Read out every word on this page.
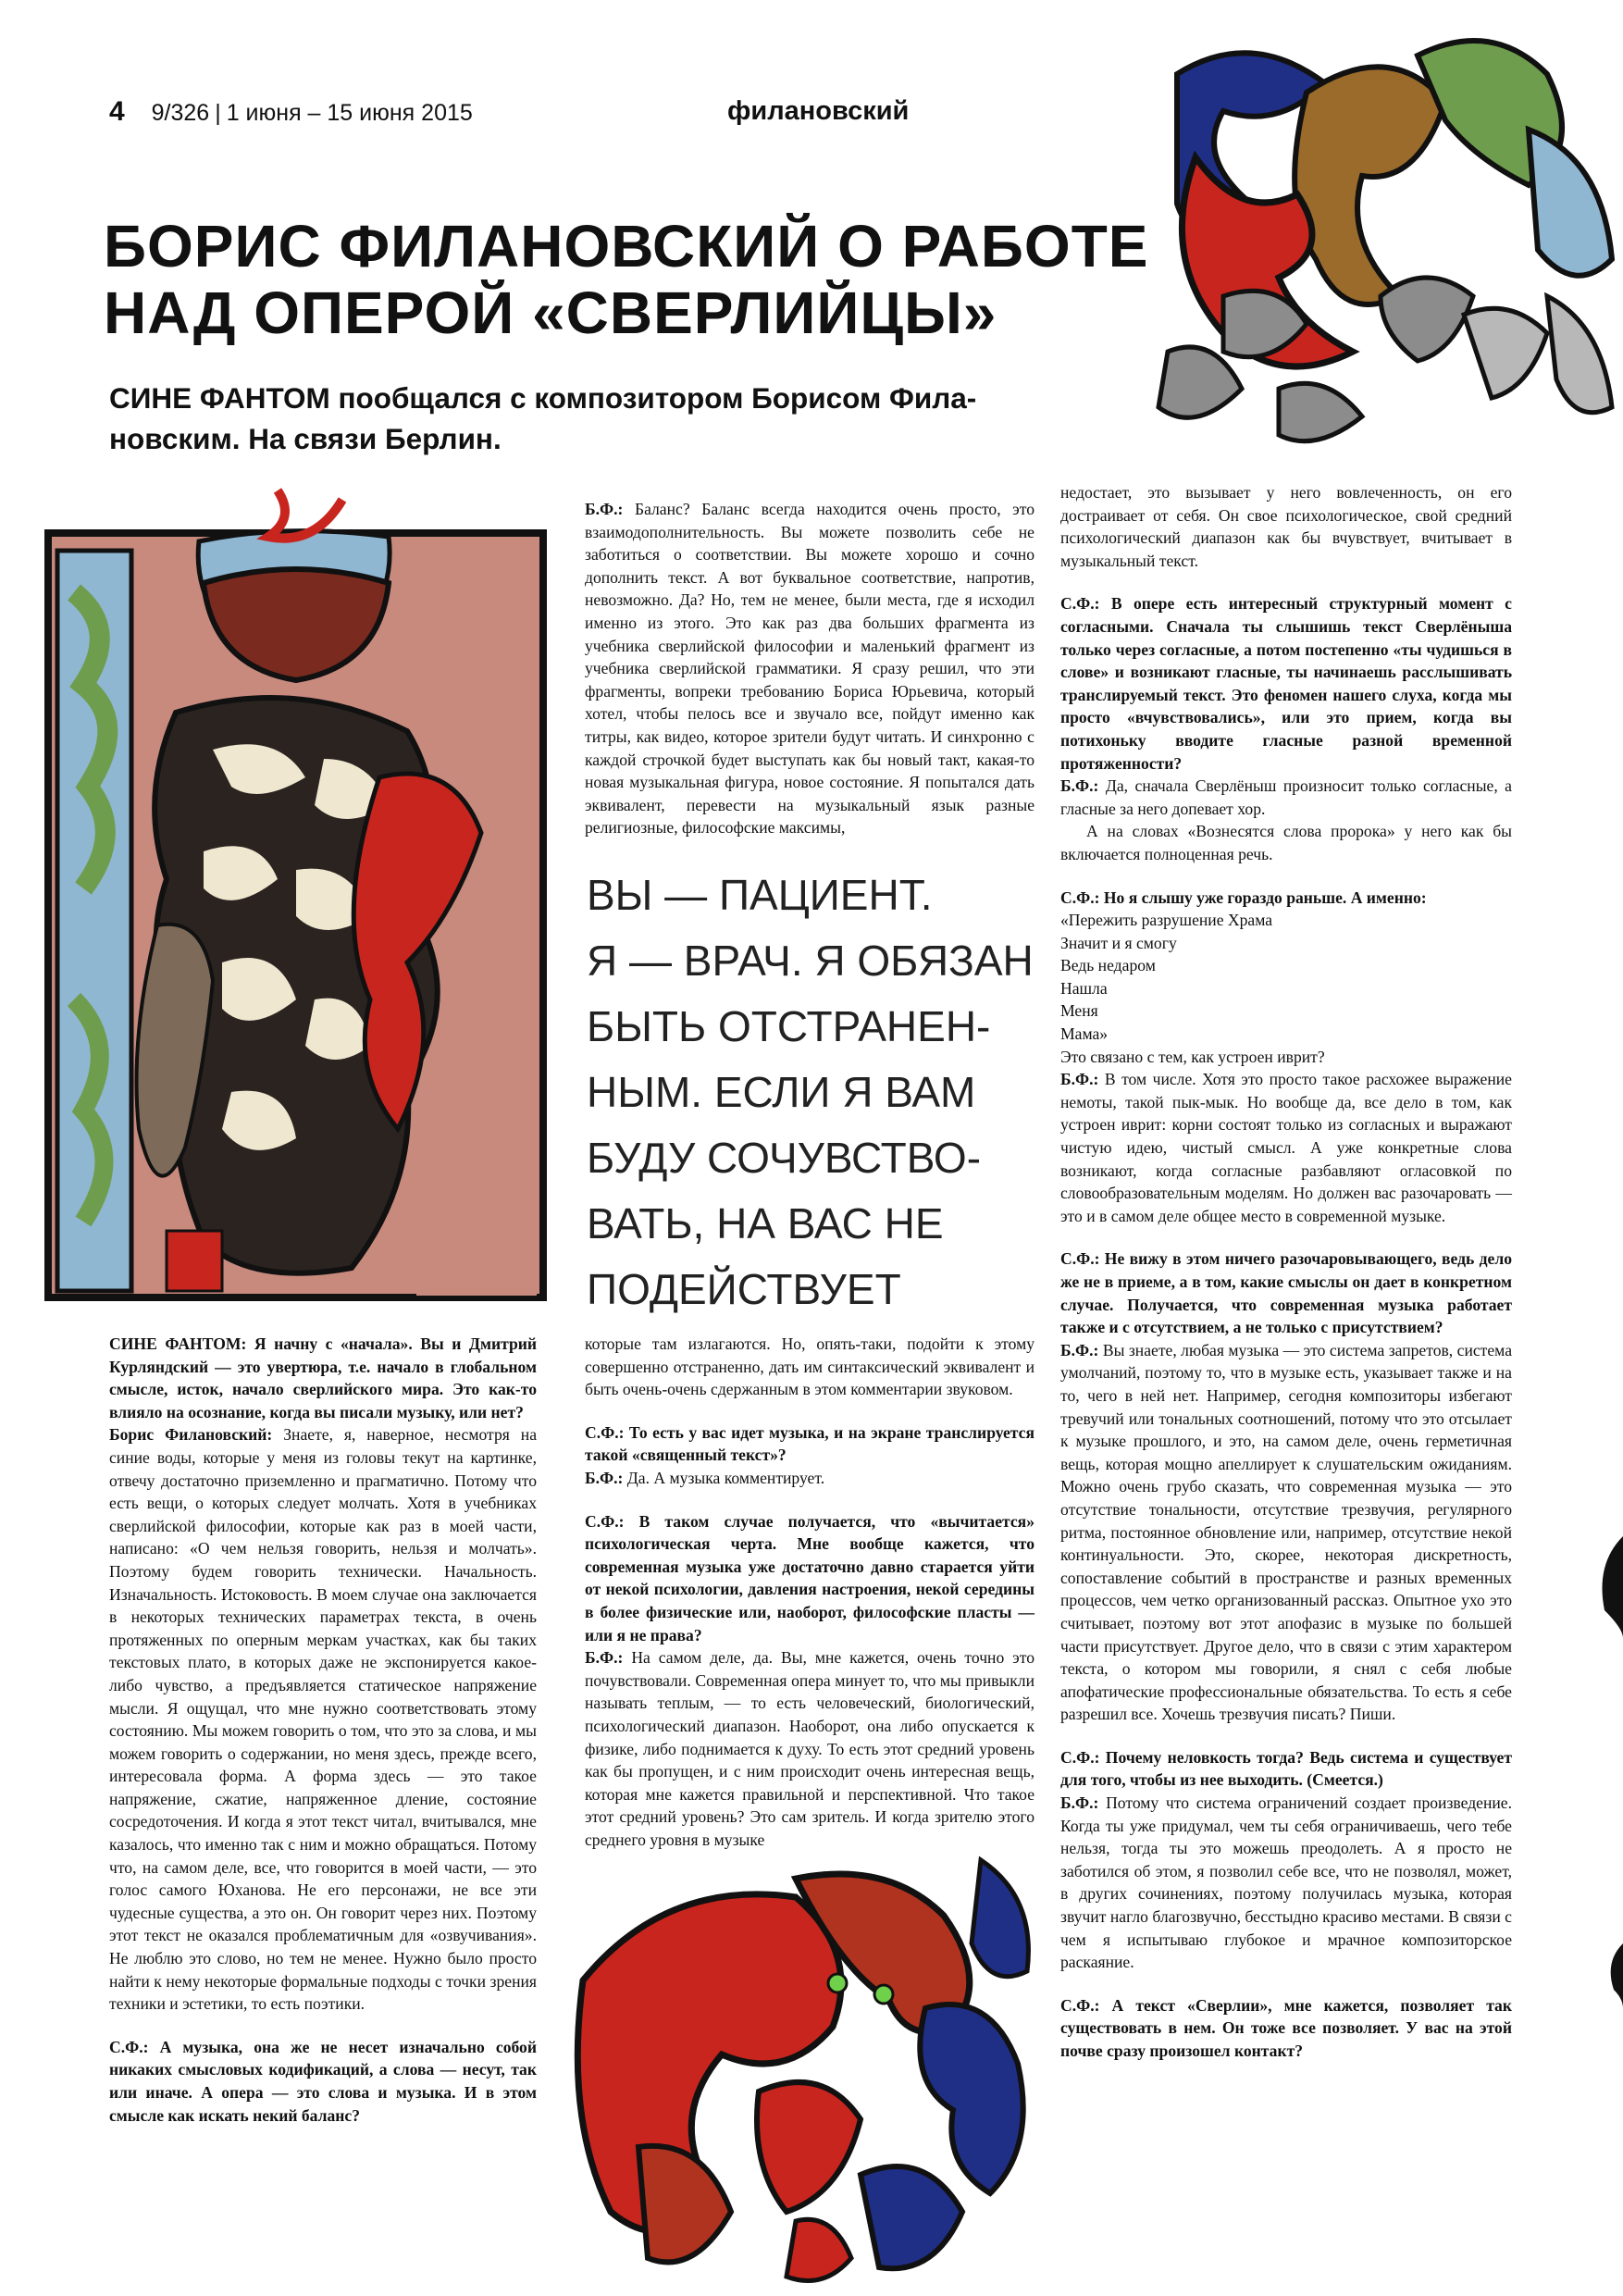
4 9/326 | 1 июня – 15 июня 2015	филановский
БОРИС ФИЛАНОВСКИЙ О РАБОТЕ
НАД ОПЕРОЙ «СВЕРЛИЙЦЫ»
СИНЕ ФАНТОМ пообщался с композитором Борисом Фила-
новским. На связи Берлин.
ВЫ — ПАЦИЕНТ.
Я — ВРАЧ. Я ОБЯЗАН
БЫТЬ ОТСТРАНЕН-
НЫМ. ЕСЛИ Я ВАМ
БУДУ СОЧУВСТВО-
ВАТЬ, НА ВАС НЕ
ПОДЕЙСТВУЕТ

СИНЕ ФАНТОМ: Я начну с «начала». Вы и Дмитрий Курляндский — это увертюра, т.е. начало в глобальном смысле, исток, начало сверлийского мира. Это как-то влияло на осознание, когда вы писали музыку, или нет?

Борис Филановский: Знаете, я, наверное, несмотря на синие воды, которые у меня из головы текут на картинке, отвечу достаточно приземленно и прагматично. Потому что есть вещи, о которых следует молчать. Хотя в учебниках сверлийской философии, которые как раз в моей части, написано: «О чем нельзя говорить, нельзя и молчать». Поэтому будем говорить технически. Начальность. Изначальность. Истоковость. В моем случае она заключается в некоторых технических параметрах текста, в очень протяженных по оперным меркам участках, как бы таких текстовых плато, в которых даже не экспонируется какое-либо чувство, а предъявляется статическое напряжение мысли. Я ощущал, что мне нужно соответствовать этому состоянию. Мы можем говорить о том, что это за слова, и мы можем говорить о содержании, но меня здесь, прежде всего, интересовала форма. А форма здесь — это такое напряжение, сжатие, напряженное дление, состояние сосредоточения. И когда я этот текст читал, вчитывался, мне казалось, что именно так с ним и можно обращаться. Потому что, на самом деле, все, что говорится в моей части, — это голос самого Юханова. Не его персонажи, не все эти чудесные существа, а это он. Он говорит через них. Поэтому этот текст не оказался проблематичным для «озвучивания». Не люблю это слово, но тем не менее. Нужно было просто найти к нему некоторые формальные подходы с точки зрения техники и эстетики, то есть поэтики.

С.Ф.: А музыка, она же не несет изначально собой никаких смысловых кодификаций, а слова — несут, так или иначе. А опера — это слова и музыка. И в этом смысле как искать некий баланс?

Б.Ф.: Баланс? Баланс всегда находится очень просто, это взаимодополнительность. Вы можете позволить себе не заботиться о соответствии. Вы можете хорошо и сочно дополнить текст. А вот буквальное соответствие, напротив, невозможно. Да? Но, тем не менее, были места, где я исходил именно из этого. Это как раз два больших фрагмента из учебника сверлийской философии и маленький фрагмент из учебника сверлийской грамматики. Я сразу решил, что эти фрагменты, вопреки требованию Бориса Юрьевича, который хотел, чтобы пелось все и звучало все, пойдут именно как титры, как видео, которое зрители будут читать. И синхронно с каждой строчкой будет выступать как бы новый такт, какая-то новая музыкальная фигура, новое состояние. Я попытался дать эквивалент, перевести на музыкальный язык разные религиозные, философские максимы,

которые там излагаются. Но, опять-таки, подойти к этому совершенно отстраненно, дать им синтаксический эквивалент и быть очень-очень сдержанным в этом комментарии звуковом.

С.Ф.: То есть у вас идет музыка, и на экране транслируется такой «священный текст»?

Б.Ф.: Да. А музыка комментирует.

С.Ф.: В таком случае получается, что «вычитается» психологическая черта. Мне вообще кажется, что современная музыка уже достаточно давно старается уйти от некой психологии, давления настроения, некой середины в более физические или, наоборот, философские пласты — или я не права?

Б.Ф.: На самом деле, да. Вы, мне кажется, очень точно это почувствовали. Современная опера минует то, что мы привыкли называть теплым, — то есть человеческий, биологический, психологический диапазон. Наоборот, она либо опускается к физике, либо поднимается к духу. То есть этот средний уровень как бы пропущен, и с ним происходит очень интересная вещь, которая мне кажется правильной и перспективной. Что такое этот средний уровень? Это сам зритель. И когда зрителю этого среднего уровня в музыке

недостает, это вызывает у него вовлеченность, он его достраивает от себя. Он свое психологическое, свой средний психологический диапазон как бы вчувствует, вчитывает в музыкальный текст.

С.Ф.: В опере есть интересный структурный момент с согласными. Сначала ты слышишь текст Сверлёныша только через согласные, а потом постепенно «ты чудишься в слове» и возникают гласные, ты начинаешь расслышивать транслируемый текст. Это феномен нашего слуха, когда мы просто «вчувствовались», или это прием, когда вы потихоньку вводите гласные разной временной протяженности?

Б.Ф.: Да, сначала Сверлёныш произносит только согласные, а гласные за него допевает хор.

А на словах «Вознесятся слова пророка» у него как бы включается полноценная речь.

С.Ф.: Но я слышу уже гораздо раньше. А именно:

«Пережить разрушение Храма

Значит и я смогу

Ведь недаром

Нашла

Меня

Мама»

Это связано с тем, как устроен иврит?

Б.Ф.: В том числе. Хотя это просто такое расхожее выражение немоты, такой пык-мык. Но вообще да, все дело в том, как устроен иврит: корни состоят только из согласных и выражают чистую идею, чистый смысл. А уже конкретные слова возникают, когда согласные разбавляют огласовкой по словообразовательным моделям. Но должен вас разочаровать — это и в самом деле общее место в современной музыке.

С.Ф.: Не вижу в этом ничего разочаровывающего, ведь дело же не в приеме, а в том, какие смыслы он дает в конкретном случае. Получается, что современная музыка работает также и с отсутствием, а не только с присутствием?

Б.Ф.: Вы знаете, любая музыка — это система запретов, система умолчаний, поэтому то, что в музыке есть, указывает также и на то, чего в ней нет. Например, сегодня композиторы избегают тревучий или тональных соотношений, потому что это отсылает к музыке прошлого, и это, на самом деле, очень герметичная вещь, которая мощно апеллирует к слушательским ожиданиям. Можно очень грубо сказать, что современная музыка — это отсутствие тональности, отсутствие трезвучия, регулярного ритма, постоянное обновление или, например, отсутствие некой континуальности. Это, скорее, некоторая дискретность, сопоставление событий в пространстве и разных временных процессов, чем четко организованный рассказ. Опытное ухо это считывает, поэтому вот этот апофазис в музыке по большей части присутствует. Другое дело, что в связи с этим характером текста, о котором мы говорили, я снял с себя любые апофатические профессиональные обязательства. То есть я себе разрешил все. Хочешь трезвучия писать? Пиши.

С.Ф.: Почему неловкость тогда? Ведь система и существует для того, чтобы из нее выходить. (Смеется.)

Б.Ф.: Потому что система ограничений создает произведение. Когда ты уже придумал, чем ты себя ограничиваешь, чего тебе нельзя, тогда ты это можешь преодолеть. А я просто не заботился об этом, я позволил себе все, что не позволял, может, в других сочинениях, поэтому получилась музыка, которая звучит нагло благозвучно, бесстыдно красиво местами. В связи с чем я испытываю глубокое и мрачное композиторское раскаяние.

С.Ф.: А текст «Сверлии», мне кажется, позволяет так существовать в нем. Он тоже все позволяет. У вас на этой почве сразу произошел контакт?
